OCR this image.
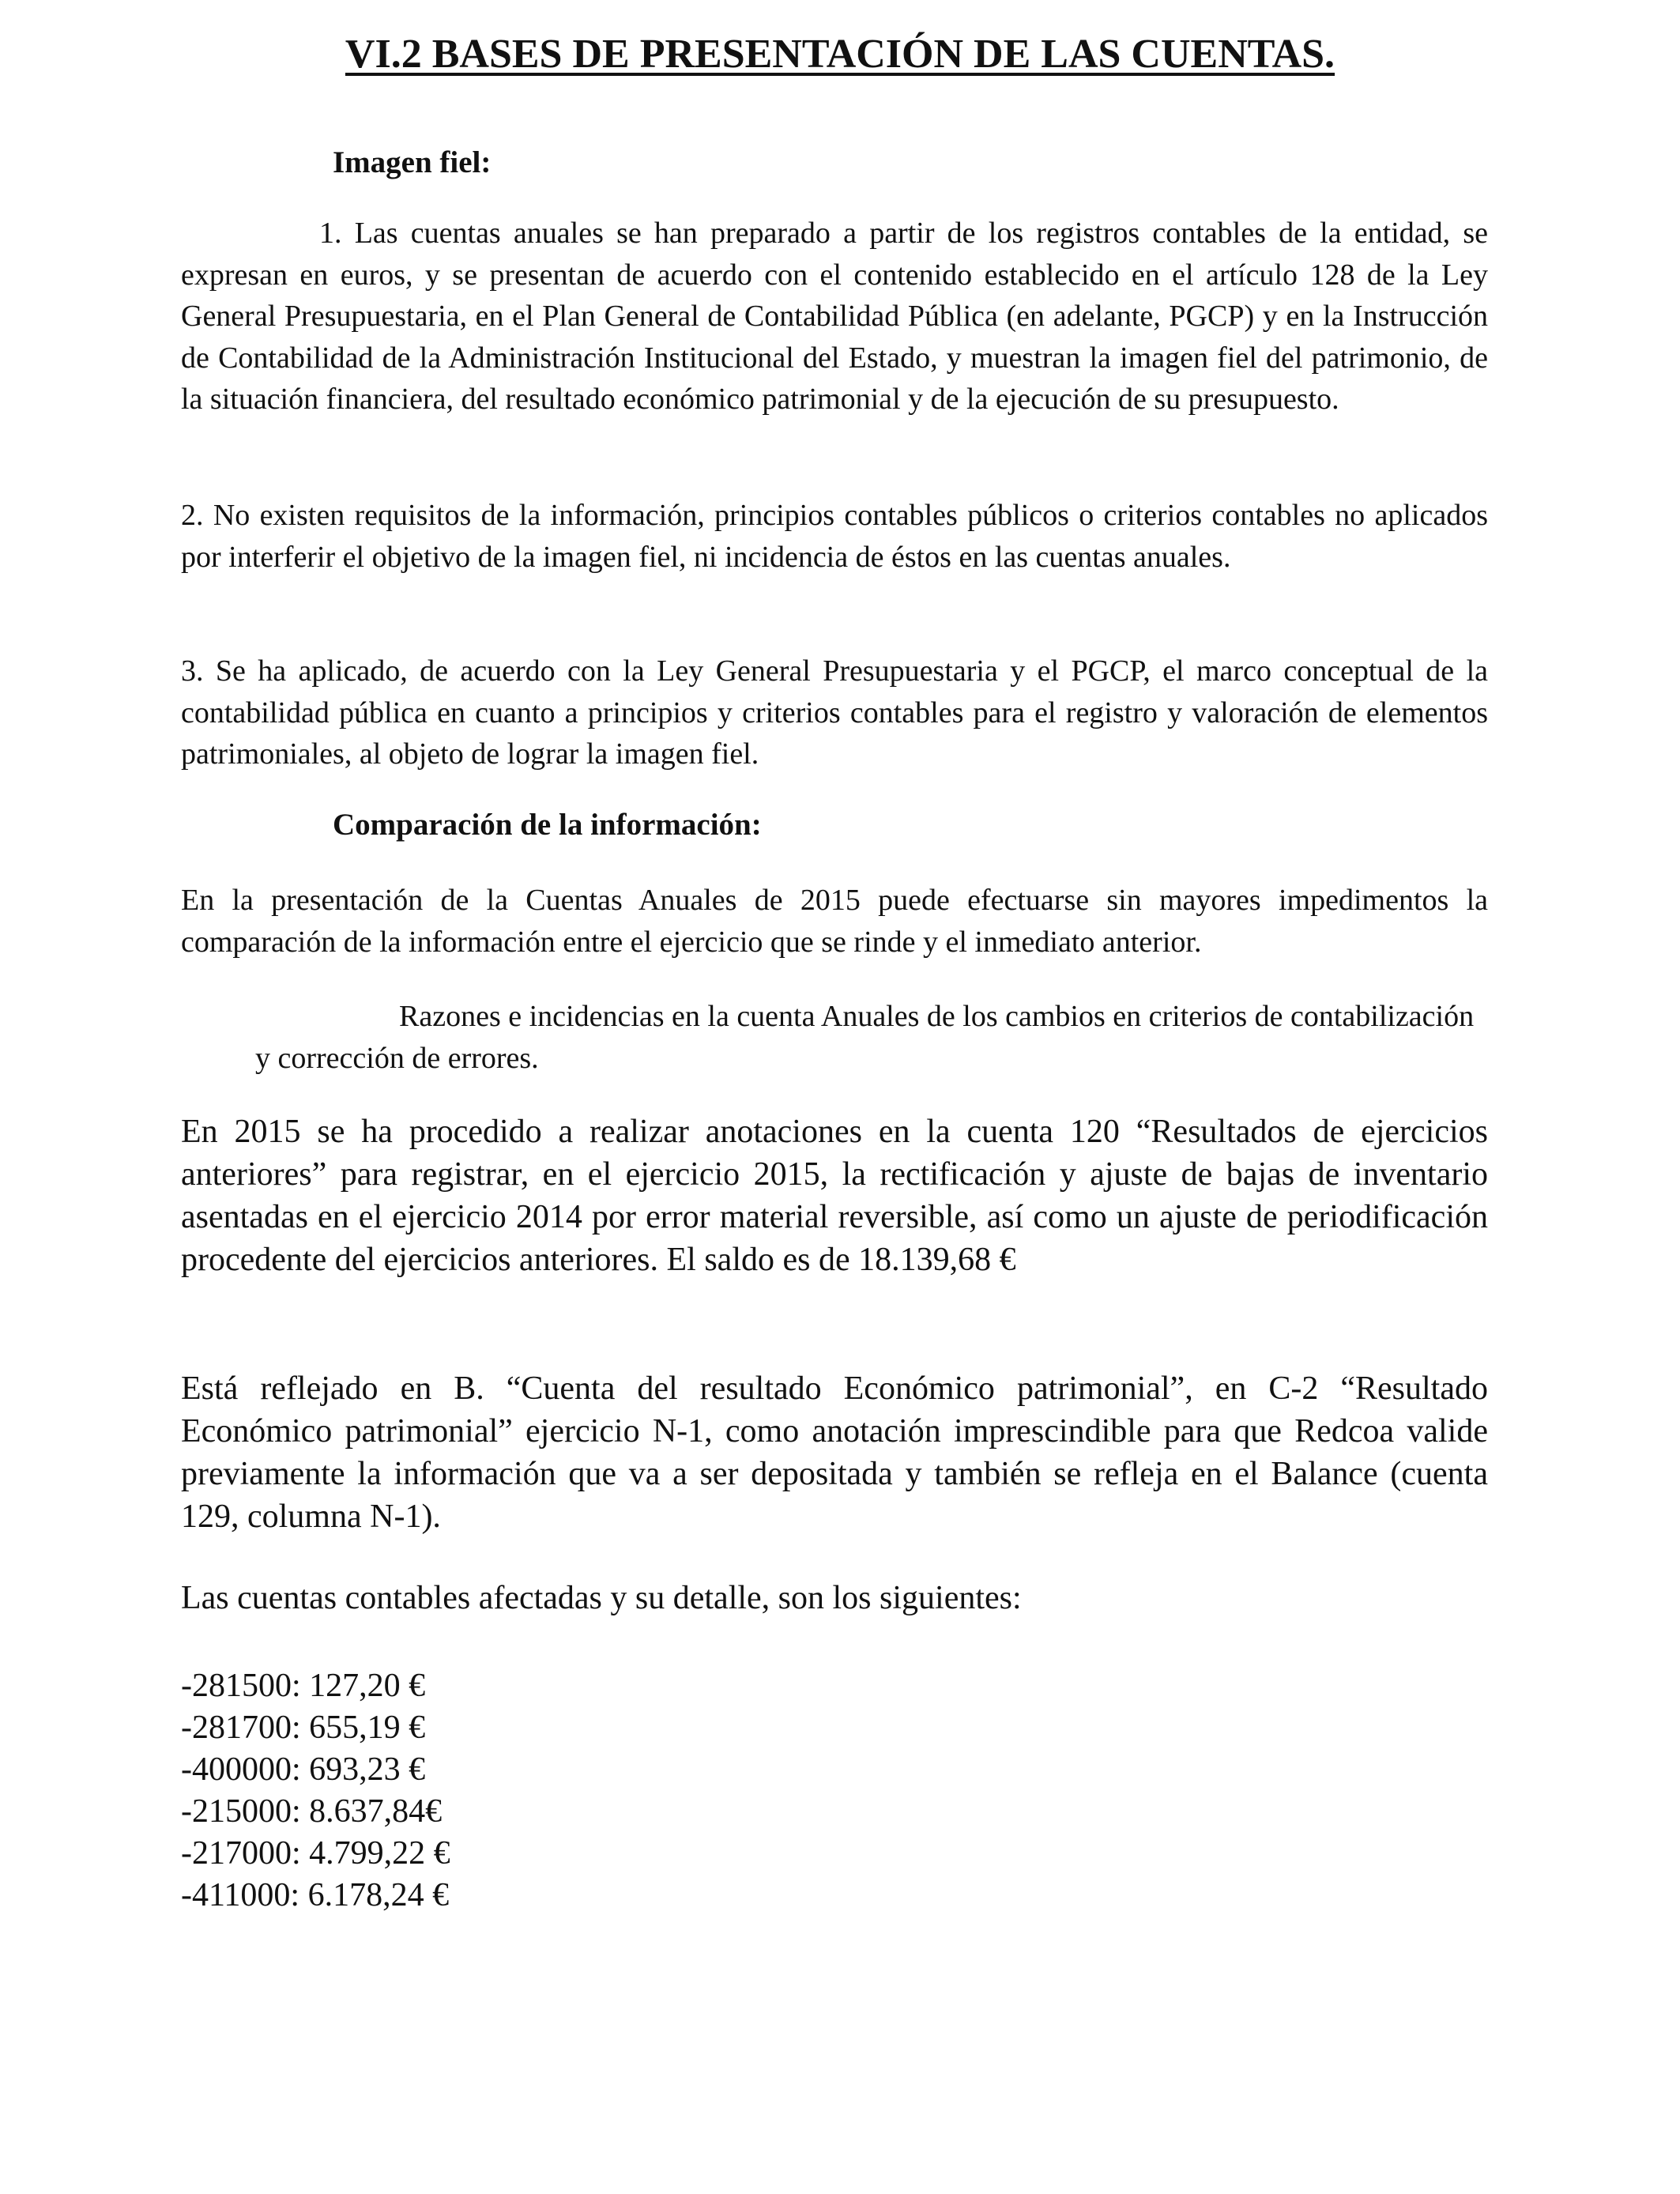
VI.2 BASES DE PRESENTACIÓN DE LAS CUENTAS.
Imagen fiel:

1. Las cuentas anuales se han preparado a partir de los registros contables de la entidad, se expresan en euros, y se presentan de acuerdo con el contenido establecido en el artículo 128 de la Ley General Presupuestaria, en el Plan General de Contabilidad Pública (en adelante, PGCP) y en la Instrucción de Contabilidad de la Administración Institucional del Estado, y muestran la imagen fiel del patrimonio, de la situación financiera, del resultado económico patrimonial y de la ejecución de su presupuesto.

2. No existen requisitos de la información, principios contables públicos o criterios contables no aplicados por interferir el objetivo de la imagen fiel, ni incidencia de éstos en las cuentas anuales.

3. Se ha aplicado, de acuerdo con la Ley General Presupuestaria y el PGCP, el marco conceptual de la contabilidad pública en cuanto a principios y criterios contables para el registro y valoración de elementos patrimoniales, al objeto de lograr la imagen fiel.

Comparación de la información:

En la presentación de la Cuentas Anuales de 2015 puede efectuarse sin mayores impedimentos la comparación de la información entre el ejercicio que se rinde y el inmediato anterior.

Razones e incidencias en la cuenta Anuales de los cambios en criterios de contabilización y corrección de errores.

En 2015 se ha procedido a realizar anotaciones en la cuenta 120 “Resultados de ejercicios anteriores” para registrar, en el ejercicio 2015, la rectificación y ajuste de bajas de inventario asentadas en el ejercicio 2014 por error material reversible, así como un ajuste de periodificación procedente del ejercicios anteriores. El saldo es de 18.139,68 €

Está reflejado en B. “Cuenta del resultado Económico patrimonial”, en C-2 “Resultado Económico patrimonial” ejercicio N-1, como anotación imprescindible para que Redcoa valide previamente la información que va a ser depositada y también se refleja en el Balance (cuenta 129, columna N-1).

Las cuentas contables afectadas y su detalle, son los siguientes:

-281500: 127,20 €
-281700: 655,19 €
-400000: 693,23 €
-215000: 8.637,84€
-217000: 4.799,22 €
-411000: 6.178,24 €
